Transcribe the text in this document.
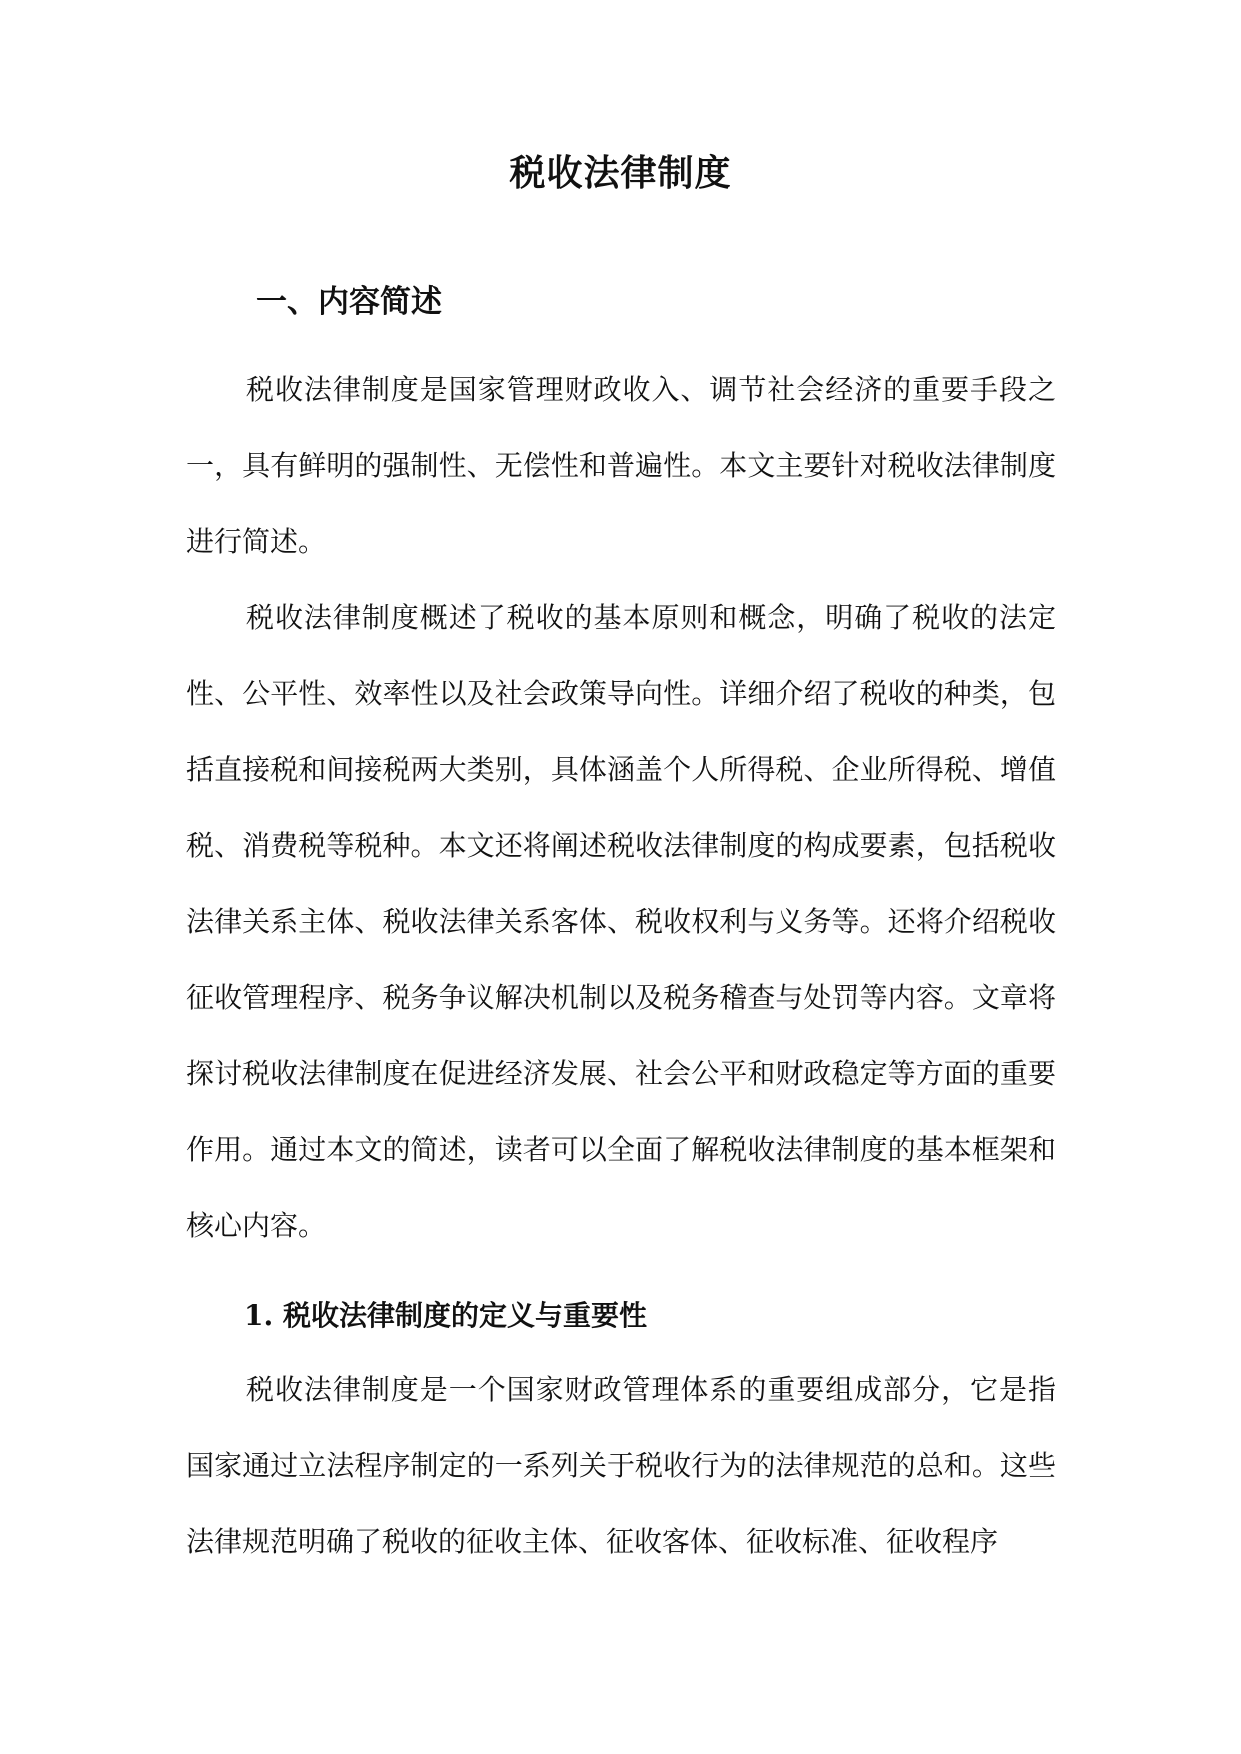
税收法律制度
一、内容简述

税收法律制度是国家管理财政收入、调节社会经济的重要手段之一，具有鲜明的强制性、无偿性和普遍性。本文主要针对税收法律制度进行简述。

税收法律制度概述了税收的基本原则和概念，明确了税收的法定性、公平性、效率性以及社会政策导向性。详细介绍了税收的种类，包括直接税和间接税两大类别，具体涵盖个人所得税、企业所得税、增值税、消费税等税种。本文还将阐述税收法律制度的构成要素，包括税收法律关系主体、税收法律关系客体、税收权利与义务等。还将介绍税收征收管理程序、税务争议解决机制以及税务稽查与处罚等内容。文章将探讨税收法律制度在促进经济发展、社会公平和财政稳定等方面的重要作用。通过本文的简述，读者可以全面了解税收法律制度的基本框架和核心内容。

1. 税收法律制度的定义与重要性

税收法律制度是一个国家财政管理体系的重要组成部分，它是指国家通过立法程序制定的一系列关于税收行为的法律规范的总和。这些法律规范明确了税收的征收主体、征收客体、征收标准、征收程序
